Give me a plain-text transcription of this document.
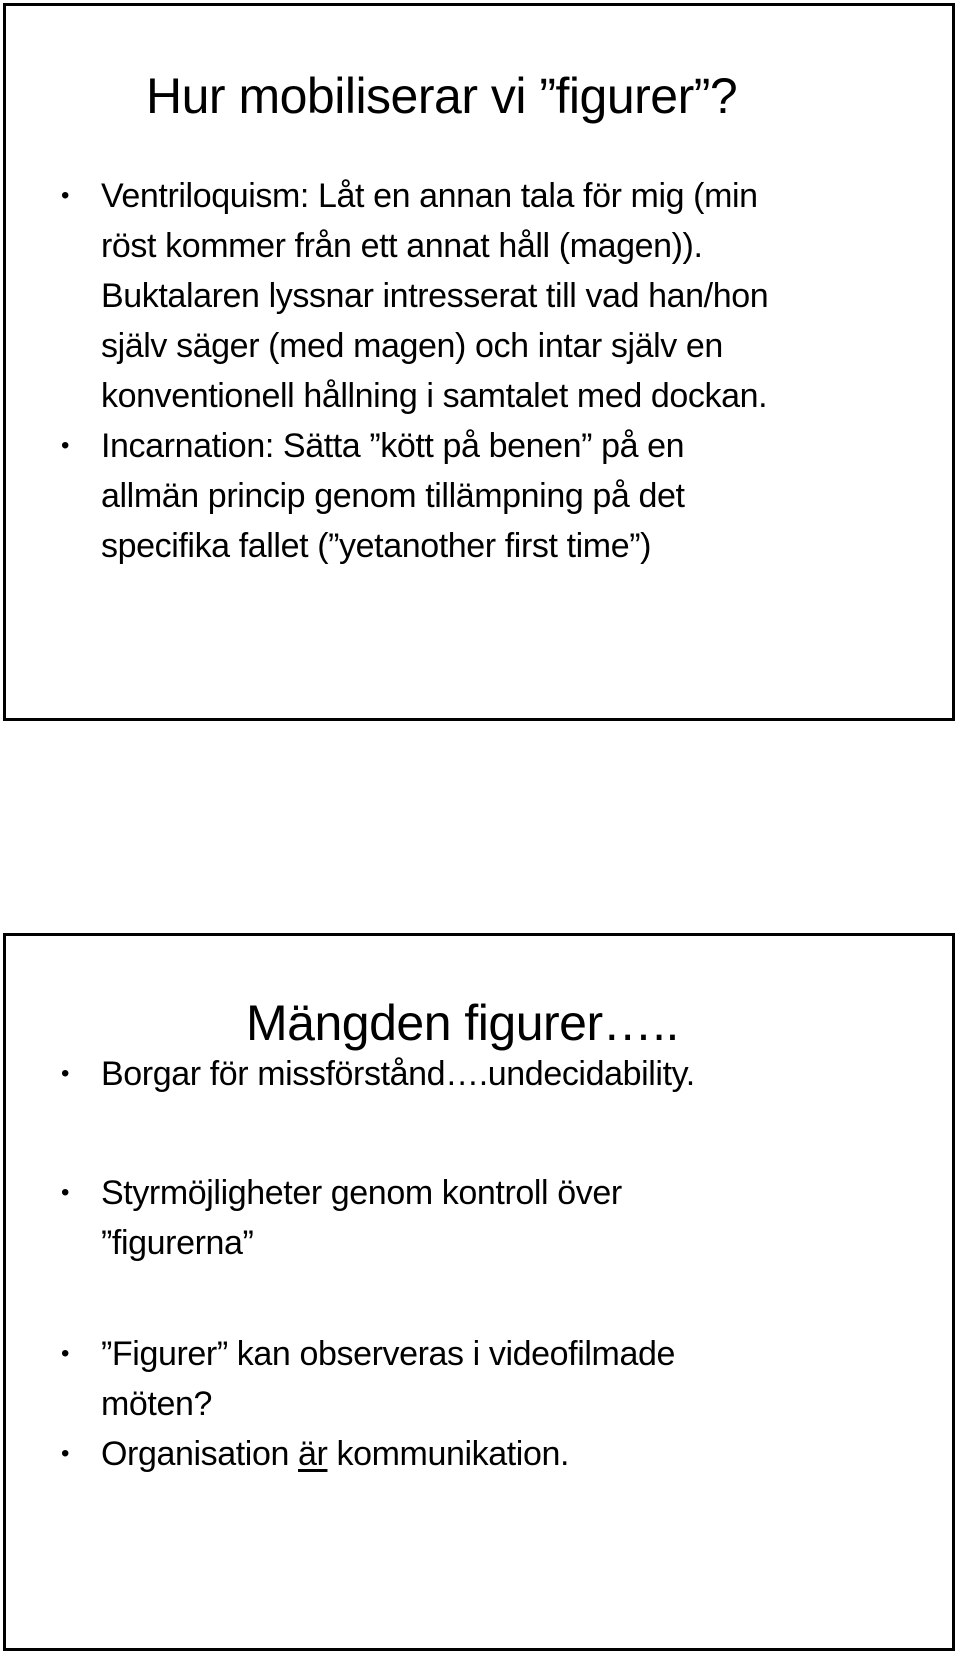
Hur mobiliserar vi ”figurer”?
• Ventriloquism: Låt en annan tala för mig (min
röst kommer från ett annat håll (magen)).
Buktalaren lyssnar intresserat till vad han/hon
själv säger (med magen) och intar själv en
konventionell hållning i samtalet med dockan.
• Incarnation: Sätta ”kött på benen” på en
allmän princip genom tillämpning på det
specifika fallet (”yetanother first time”)
Mängden figurer…..
• Borgar för missförstånd….undecidability.
• Styrmöjligheter genom kontroll över
”figurerna”
• ”Figurer” kan observeras i videofilmade
möten?
• Organisation är kommunikation.
